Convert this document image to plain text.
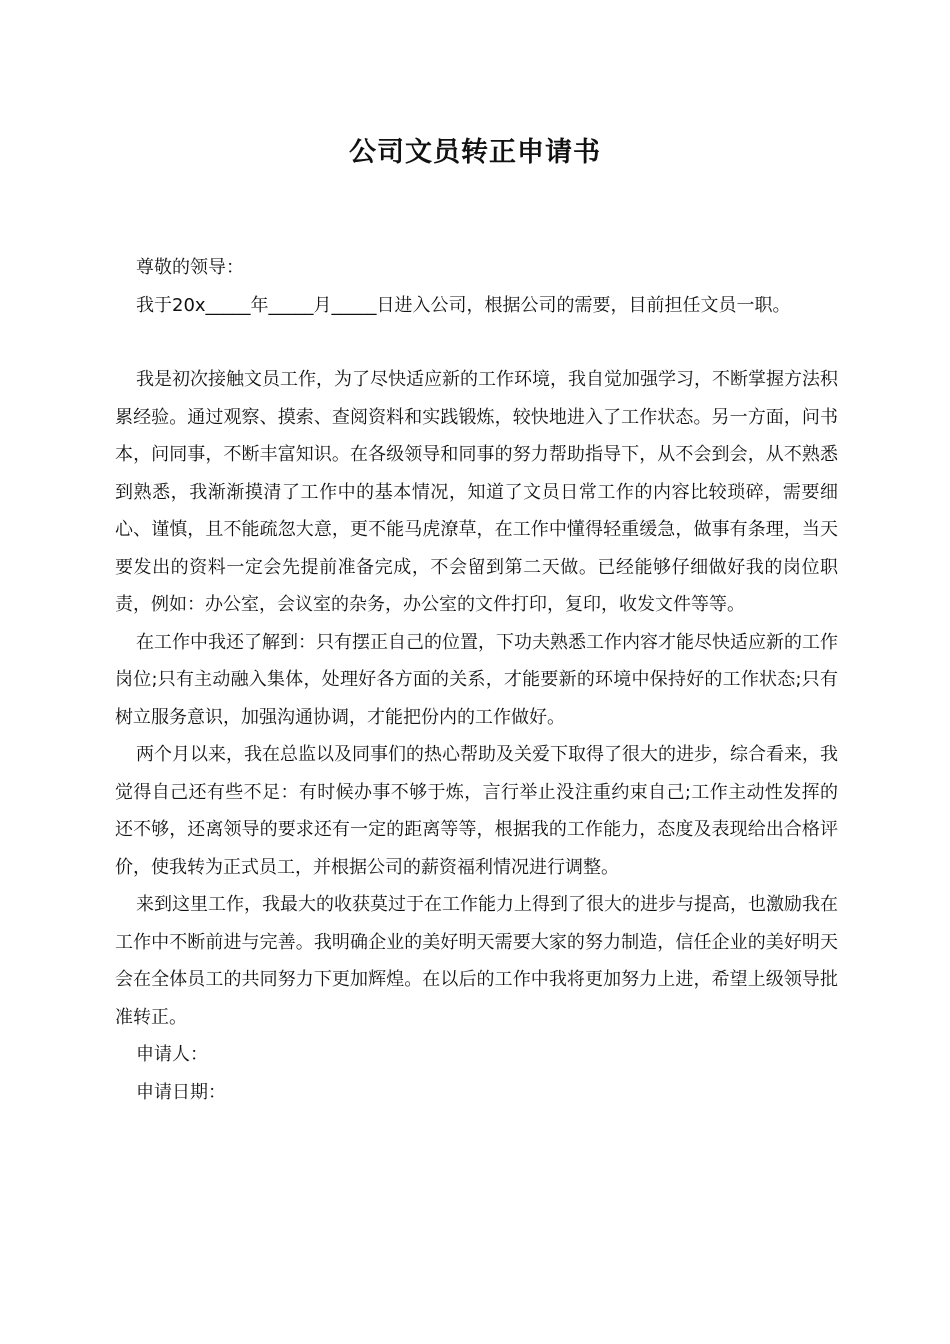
公司文员转正申请书

尊敬的领导：

我于20x_____年_____月_____日进入公司，根据公司的需要，目前担任文员一职。

我是初次接触文员工作，为了尽快适应新的工作环境，我自觉加强学习，不断掌握方法积累经验。通过观察、摸索、查阅资料和实践锻炼，较快地进入了工作状态。另一方面，问书本，问同事，不断丰富知识。在各级领导和同事的努力帮助指导下，从不会到会，从不熟悉到熟悉，我渐渐摸清了工作中的基本情况，知道了文员日常工作的内容比较琐碎，需要细心、谨慎，且不能疏忽大意，更不能马虎潦草，在工作中懂得轻重缓急，做事有条理，当天要发出的资料一定会先提前准备完成，不会留到第二天做。已经能够仔细做好我的岗位职责，例如：办公室，会议室的杂务，办公室的文件打印，复印，收发文件等等。

在工作中我还了解到：只有摆正自己的位置，下功夫熟悉工作内容才能尽快适应新的工作岗位;只有主动融入集体，处理好各方面的关系，才能要新的环境中保持好的工作状态;只有树立服务意识，加强沟通协调，才能把份内的工作做好。

两个月以来，我在总监以及同事们的热心帮助及关爱下取得了很大的进步，综合看来，我觉得自己还有些不足：有时候办事不够于炼，言行举止没注重约束自己;工作主动性发挥的还不够，还离领导的要求还有一定的距离等等，根据我的工作能力，态度及表现给出合格评价，使我转为正式员工，并根据公司的薪资福利情况进行调整。

来到这里工作，我最大的收获莫过于在工作能力上得到了很大的进步与提高，也激励我在工作中不断前进与完善。我明确企业的美好明天需要大家的努力制造，信任企业的美好明天会在全体员工的共同努力下更加辉煌。在以后的工作中我将更加努力上进，希望上级领导批准转正。

申请人：

申请日期：
